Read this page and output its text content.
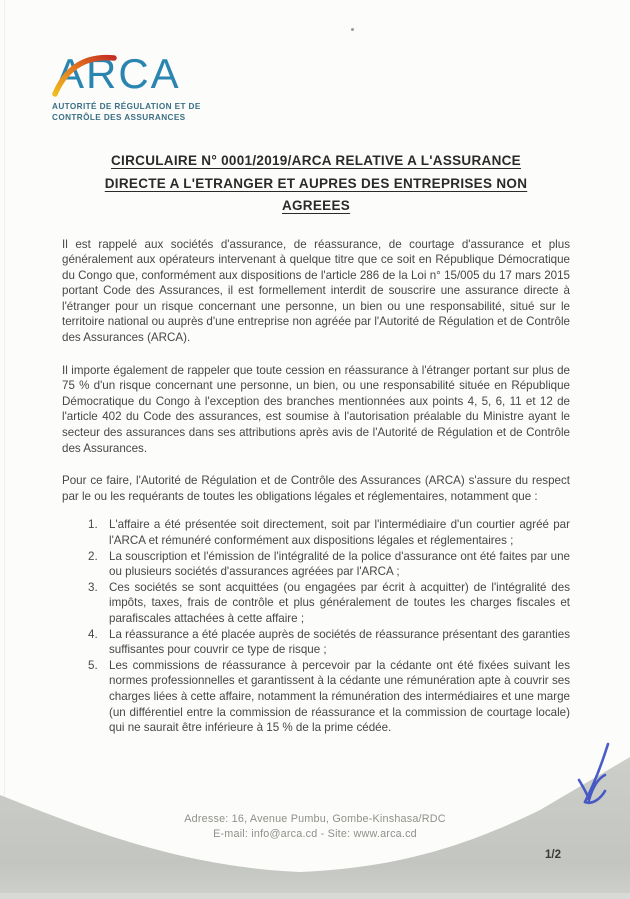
ARCA
AUTORITÉ DE RÉGULATION ET DE
CONTRÔLE DES ASSURANCES
CIRCULAIRE N° 0001/2019/ARCA RELATIVE A L'ASSURANCE
DIRECTE A L'ETRANGER ET AUPRES DES ENTREPRISES NON
AGREEES

Il est rappelé aux sociétés d'assurance, de réassurance, de courtage d'assurance et plus généralement aux opérateurs intervenant à quelque titre que ce soit en République Démocratique du Congo que, conformément aux dispositions de l'article 286 de la Loi n° 15/005 du 17 mars 2015 portant Code des Assurances, il est formellement interdit de souscrire une assurance directe à l'étranger pour un risque concernant une personne, un bien ou une responsabilité, situé sur le territoire national ou auprès d'une entreprise non agréée par l'Autorité de Régulation et de Contrôle des Assurances (ARCA).

Il importe également de rappeler que toute cession en réassurance à l'étranger portant sur plus de 75 % d'un risque concernant une personne, un bien, ou une responsabilité située en République Démocratique du Congo à l'exception des branches mentionnées aux points 4, 5, 6, 11 et 12 de l'article 402 du Code des assurances, est soumise à l'autorisation préalable du Ministre ayant le secteur des assurances dans ses attributions après avis de l'Autorité de Régulation et de Contrôle des Assurances.

Pour ce faire, l'Autorité de Régulation et de Contrôle des Assurances (ARCA) s'assure du respect par le ou les requérants de toutes les obligations légales et réglementaires, notamment que :

1. L'affaire a été présentée soit directement, soit par l'intermédiaire d'un courtier agréé par l'ARCA et rémunéré conformément aux dispositions légales et réglementaires ;
2. La souscription et l'émission de l'intégralité de la police d'assurance ont été faites par une ou plusieurs sociétés d'assurances agréées par l'ARCA ;
3. Ces sociétés se sont acquittées (ou engagées par écrit à acquitter) de l'intégralité des impôts, taxes, frais de contrôle et plus généralement de toutes les charges fiscales et parafiscales attachées à cette affaire ;
4. La réassurance a été placée auprès de sociétés de réassurance présentant des garanties suffisantes pour couvrir ce type de risque ;
5. Les commissions de réassurance à percevoir par la cédante ont été fixées suivant les normes professionnelles et garantissent à la cédante une rémunération apte à couvrir ses charges liées à cette affaire, notamment la rémunération des intermédiaires et une marge (un différentiel entre la commission de réassurance et la commission de courtage locale) qui ne saurait être inférieure à 15 % de la prime cédée.
Adresse: 16, Avenue Pumbu, Gombe-Kinshasa/RDC
E-mail: info@arca.cd - Site: www.arca.cd
1/2
